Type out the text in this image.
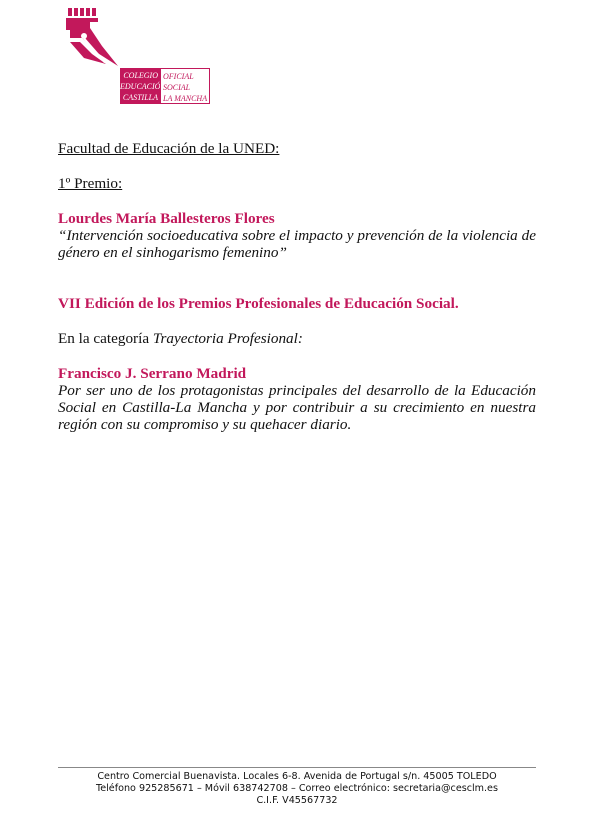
COLEGIO
EDUCACIÓN
CASTILLA
OFICIAL
SOCIAL
LA MANCHA

Facultad de Educación de la UNED:

1º Premio:

Lourdes María Ballesteros Flores

“Intervención socioeducativa sobre el impacto y prevención de la violencia de género en el sinhogarismo femenino”

VII Edición de los Premios Profesionales de Educación Social.

En la categoría Trayectoria Profesional:

Francisco J. Serrano Madrid

Por ser uno de los protagonistas principales del desarrollo de la Educación Social en Castilla-La Mancha y por contribuir a su crecimiento en nuestra región con su compromiso y su quehacer diario.

Centro Comercial Buenavista. Locales 6-8. Avenida de Portugal s/n. 45005 TOLEDO
Teléfono 925285671 – Móvil 638742708 – Correo electrónico: secretaria@cesclm.es
C.I.F. V45567732
